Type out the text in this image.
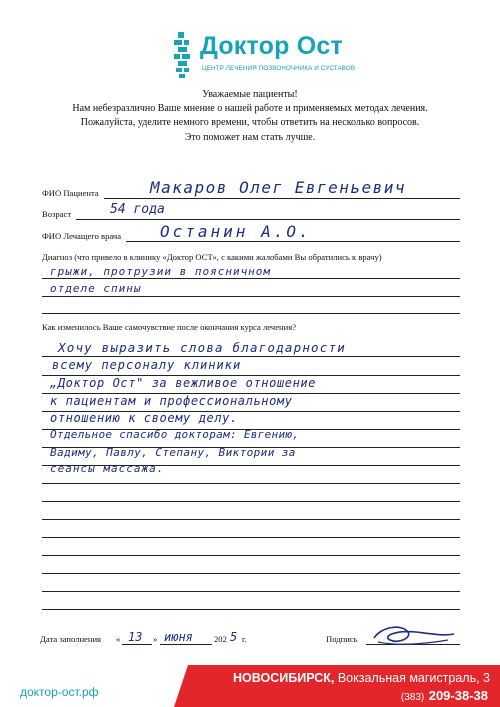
Доктор Ост
ЦЕНТР ЛЕЧЕНИЯ ПОЗВОНОЧНИКА И СУСТАВОВ
Уважаемые пациенты!
Нам небезразлично Ваше мнение о нашей работе и применяемых методах лечения.
Пожалуйста, уделите немного времени, чтобы ответить на несколько вопросов.
Это поможет нам стать лучше.
ФИО Пациента	Макаров Олег Евгеньевич
Возраст	54 года
ФИО Лечащего врача Останин А.О.
Диагноз (что привело в клинику «Доктор ОСТ», с какими жалобами Вы обратились к врачу)
грыжи, протрузии в поясничном
отделе спины
Как изменилось Ваше самочувствие после окончания курса лечения?
Хочу выразить слова благодарности
всему персоналу клиники
„Доктор Ост" за вежливое отношение
к пациентам и профессиональному
отношению к своему делу.
Отдельное спасибо докторам: Евгению,
Вадиму, Павлу, Степану, Виктории за
сеансы массажа.
Дата заполнения « 13 » июня 202 5 г.	Подпись
доктор-ост.рф
НОВОСИБИРСК, Вокзальная магистраль, 3
(383) 209-38-38
